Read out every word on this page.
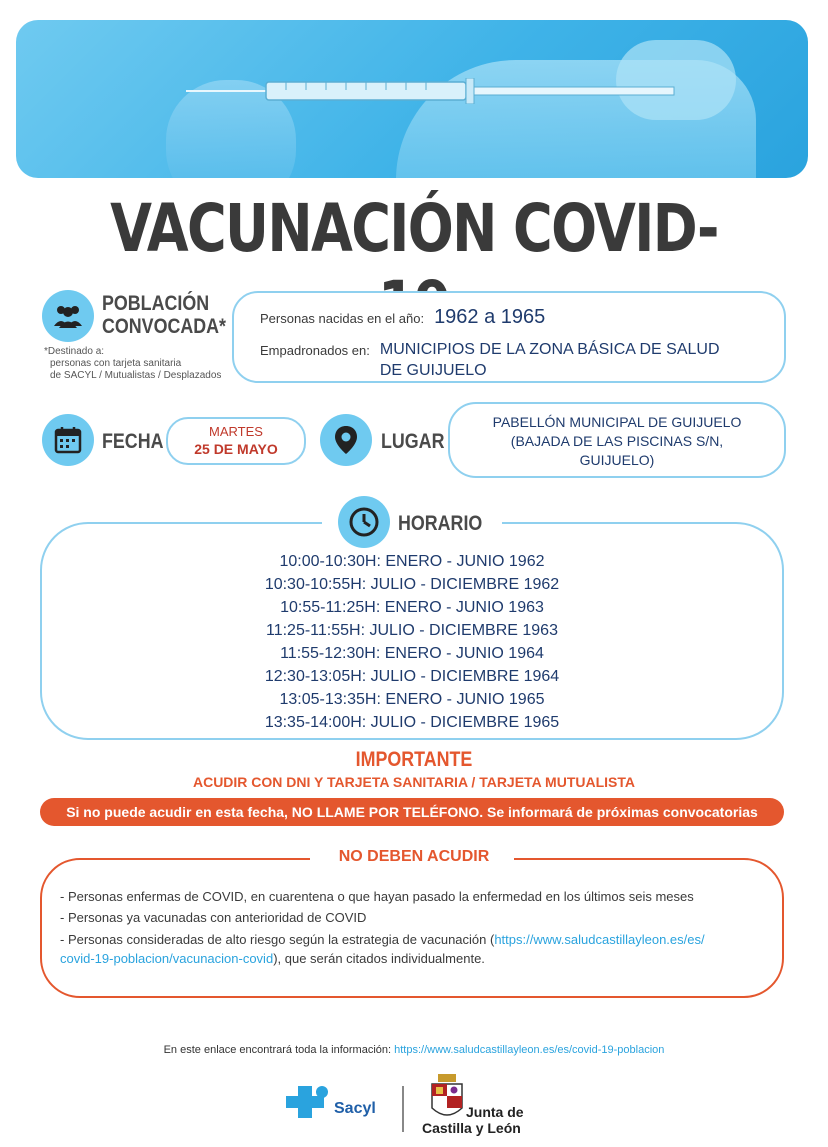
VACUNACIÓN COVID-
POBLACIÓN
CONVOCADA*
*Destinado a:
personas con tarjeta sanitaria
de SACYL / Mutualistas / Desplazados
Personas nacidas en el año: 1962 a 1965
Empadronados en: MUNICIPIOS DE LA ZONA BÁSICA DE SALUD
DE GUIJUELO
FECHA	MARTES
25 DE MAYO	LUGAR
PABELLÓN MUNICIPAL DE GUIJUELO
(BAJADA DE LAS PISCINAS S/N,
GUIJUELO)
10:00-10:30H: ENERO - JUNIO 1962
10:30-10:55H: JULIO - DICIEMBRE 1962
10:55-11:25H: ENERO - JUNIO 1963
11:25-11:55H: JULIO - DICIEMBRE 1963
11:55-12:30H: ENERO - JUNIO 1964
12:30-13:05H: JULIO - DICIEMBRE 1964
13:05-13:35H: ENERO - JUNIO 1965
13:35-14:00H: JULIO - DICIEMBRE 1965
HORARIO
IMPORTANTE
ACUDIR CON DNI Y TARJETA SANITARIA / TARJETA MUTUALISTA
Si no puede acudir en esta fecha, NO LLAME POR TELÉFONO. Se informará de próximas convocatorias
NO DEBEN ACUDIR
- Personas enfermas de COVID, en cuarentena o que hayan pasado la enfermedad en los últimos seis meses
- Personas ya vacunadas con anterioridad de COVID
- Personas consideradas de alto riesgo según la estrategia de vacunación (https://www.saludcastillayleon.es/es/
covid-19-poblacion/vacunacion-covid), que serán citados individualmente.
En este enlace encontrará toda la información: https://www.saludcastillayleon.es/es/covid-19-poblacion
Sacyl	Junta de
Castilla y León
